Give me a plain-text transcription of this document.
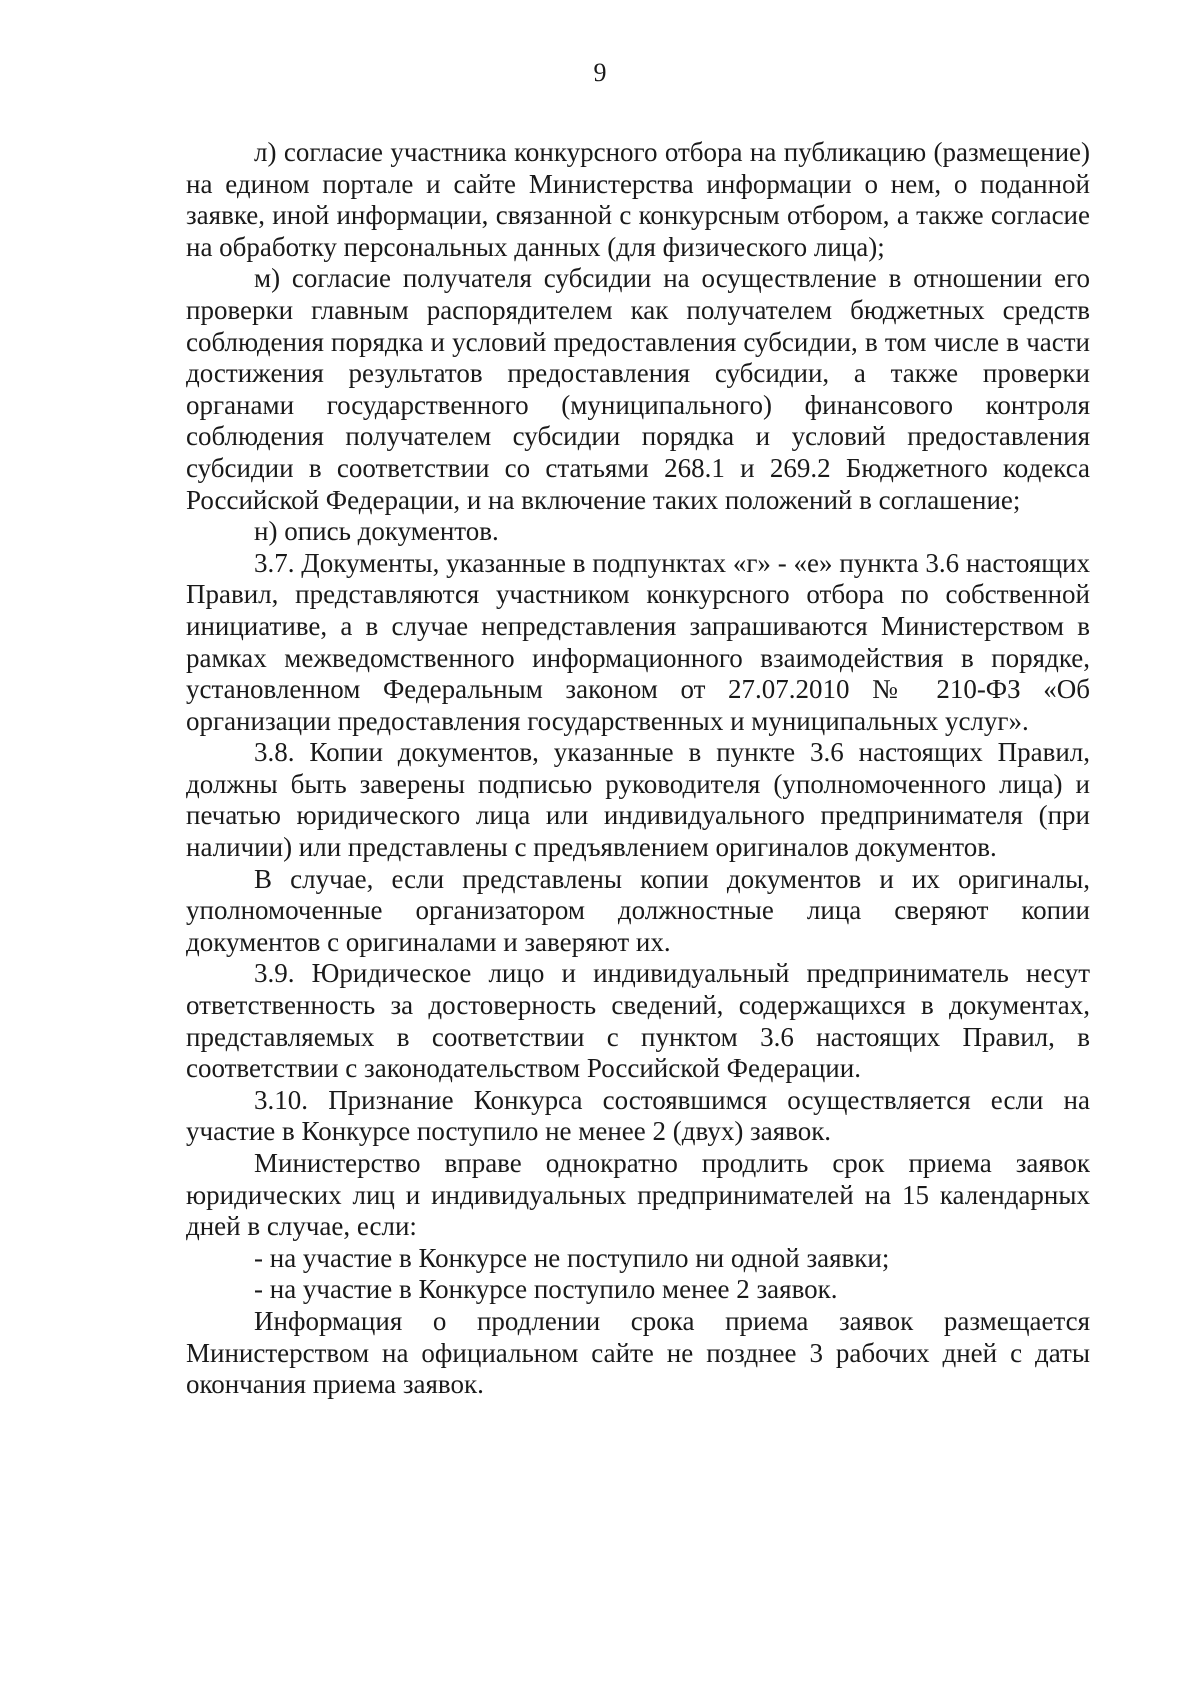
9

л) согласие участника конкурсного отбора на публикацию (размещение) на едином портале и сайте Министерства информации о нем, о поданной заявке, иной информации, связанной с конкурсным отбором, а также согласие на обработку персональных данных (для физического лица);

м) согласие получателя субсидии на осуществление в отношении его проверки главным распорядителем как получателем бюджетных средств соблюдения порядка и условий предоставления субсидии, в том числе в части достижения результатов предоставления субсидии, а также проверки органами государственного (муниципального) финансового контроля соблюдения получателем субсидии порядка и условий предоставления субсидии в соответствии со статьями 268.1 и 269.2 Бюджетного кодекса Российской Федерации, и на включение таких положений в соглашение;

н) опись документов.

3.7. Документы, указанные в подпунктах «г» - «е» пункта 3.6 настоящих Правил, представляются участником конкурсного отбора по собственной инициативе, а в случае непредставления запрашиваются Министерством в рамках межведомственного информационного взаимодействия в порядке, установленном Федеральным законом от 27.07.2010 № 210-ФЗ «Об организации предоставления государственных и муниципальных услуг».

3.8. Копии документов, указанные в пункте 3.6 настоящих Правил, должны быть заверены подписью руководителя (уполномоченного лица) и печатью юридического лица или индивидуального предпринимателя (при наличии) или представлены с предъявлением оригиналов документов.

В случае, если представлены копии документов и их оригиналы, уполномоченные организатором должностные лица сверяют копии документов с оригиналами и заверяют их.

3.9. Юридическое лицо и индивидуальный предприниматель несут ответственность за достоверность сведений, содержащихся в документах, представляемых в соответствии с пунктом 3.6 настоящих Правил, в соответствии с законодательством Российской Федерации.

3.10. Признание Конкурса состоявшимся осуществляется если на участие в Конкурсе поступило не менее 2 (двух) заявок.

Министерство вправе однократно продлить срок приема заявок юридических лиц и индивидуальных предпринимателей на 15 календарных дней в случае, если:

- на участие в Конкурсе не поступило ни одной заявки;

- на участие в Конкурсе поступило менее 2 заявок.

Информация о продлении срока приема заявок размещается Министерством на официальном сайте не позднее 3 рабочих дней с даты окончания приема заявок.
